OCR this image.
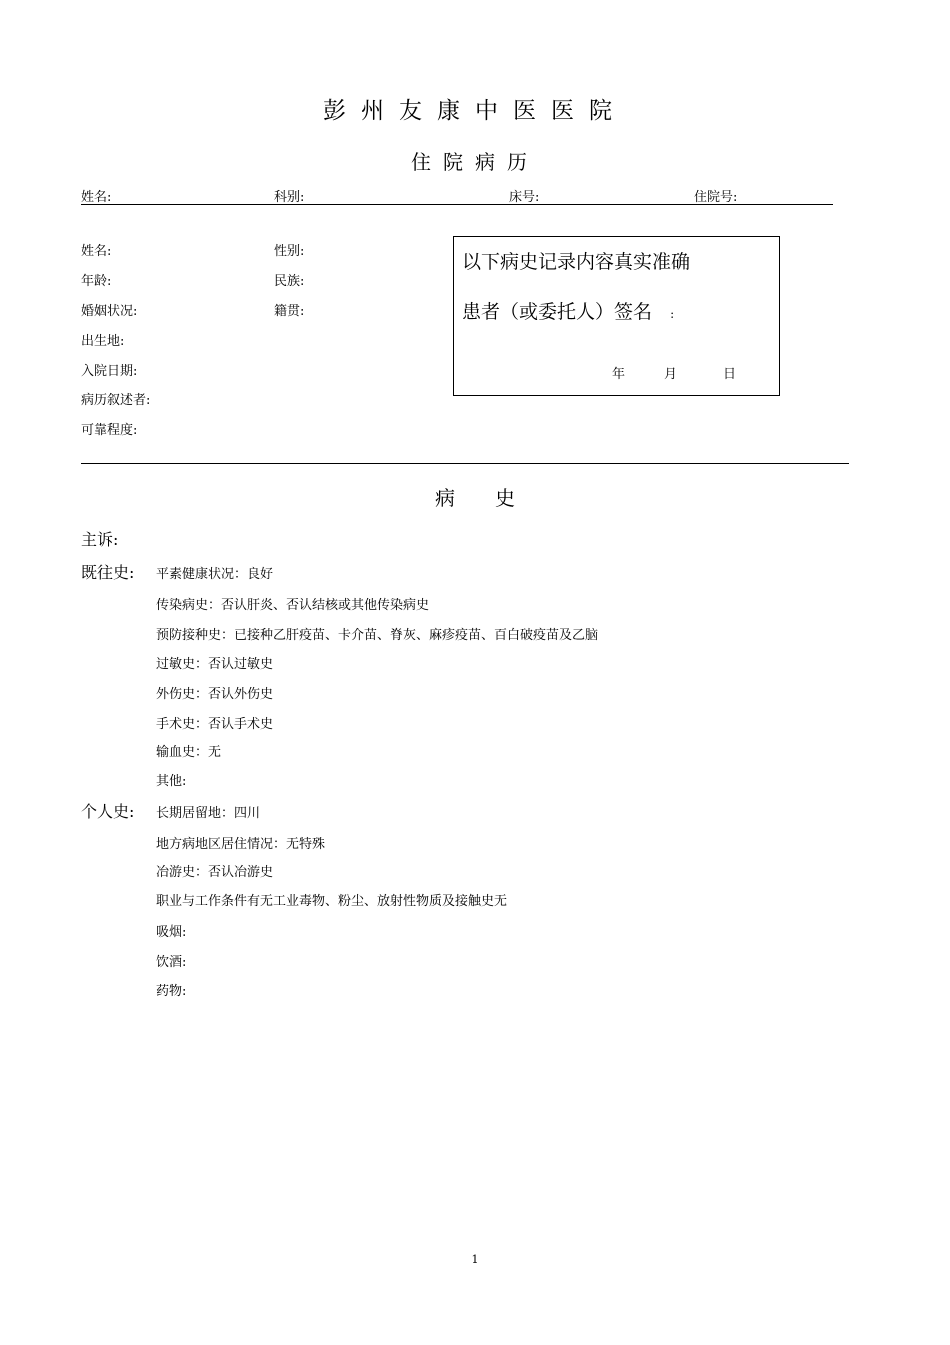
彭州友康中医医院
住院病历
姓名:	科别:	床号:	住院号:
姓名:	性别:
年龄:	民族:
婚姻状况:	籍贯:
出生地:
入院日期:
病历叙述者:
可靠程度:
以下病史记录内容真实准确
患者（或委托人）签名 :
年	月	日
病　　史
主诉:
既往史: 平素健康状况：良好
传染病史：否认肝炎、否认结核或其他传染病史
预防接种史：已接种乙肝疫苗、卡介苗、脊灰、麻疹疫苗、百白破疫苗及乙脑
过敏史：否认过敏史
外伤史：否认外伤史
手术史：否认手术史
输血史：无
其他:
个人史: 长期居留地：四川
地方病地区居住情况：无特殊
冶游史：否认冶游史
职业与工作条件有无工业毒物、粉尘、放射性物质及接触史无
吸烟:
饮酒:
药物:
1
